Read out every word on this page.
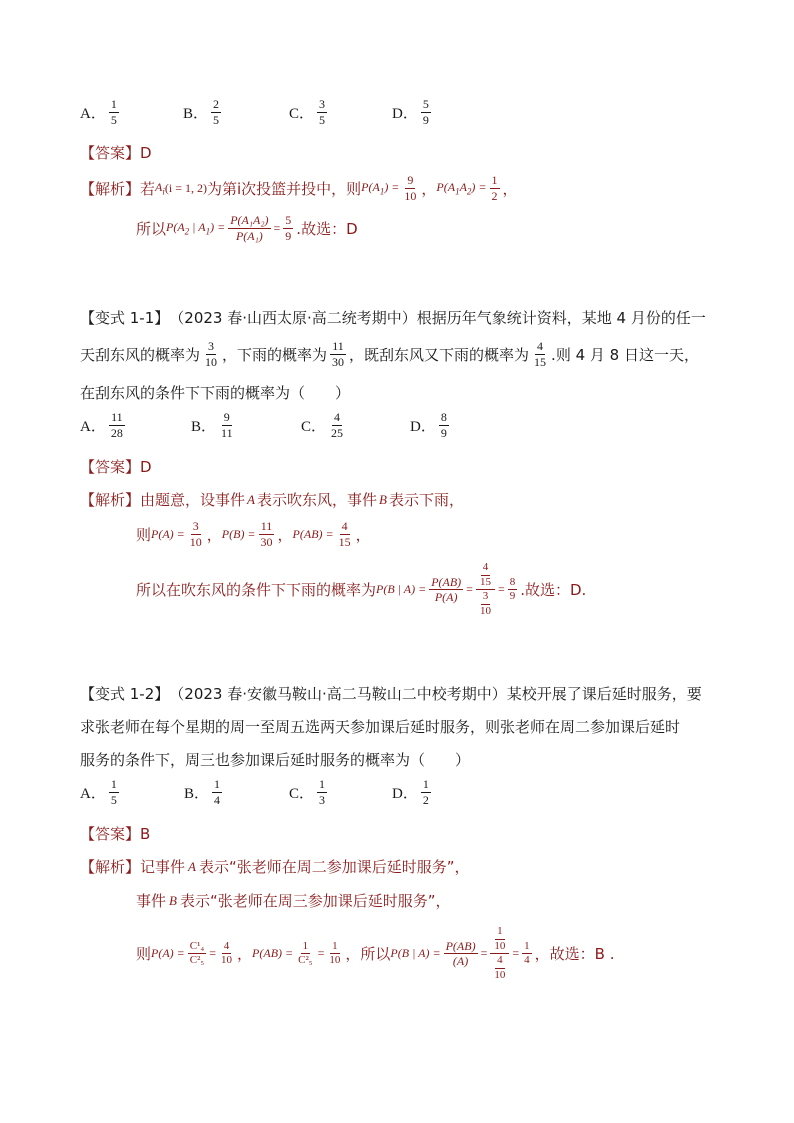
A． $\frac{1}{5}$	B． $\frac{2}{5}$	C． $\frac{3}{5}$	D． $\frac{5}{9}$
【答案】 D
【解析】 若 $A_i$ (i = 1, 2) 为第i次投篮并投中，则 $P(A_1) = \frac{9}{10}$ ， $P(A_1A_2) = \frac{1}{2}$ ，
所以 $P(A_2$ | $A_1) = \frac{\text{P(A₁A₂)}}{\text{P(A₁)}} = \frac{5}{9}$ .故选：D
【变式 1-1】 （2023 春·山西太原·高二统考期中）根据历年气象统计资料，某地 4 月份的任一
天刮东风的概率为 $\frac{3}{10}$ ，下雨的概率为 $\frac{11}{30}$ ，既刮东风又下雨的概率为 $\frac{4}{15}$ .则 4 月 8 日这一天，
在刮东风的条件下下雨的概率为（　　）
A． $\frac{11}{28}$	B． $\frac{9}{11}$	C． $\frac{4}{25}$	D． $\frac{8}{9}$
【答案】 D
【解析】 由题意，设事件 A 表示吹东风，事件 B 表示下雨，
则 $P(A) = \frac{3}{10}$ ， $P(B) = \frac{11}{30}$ ， $P(AB) = \frac{4}{15}$ ，
所以在吹东风的条件下下雨的概率为 P(B | $A) = \frac{P(AB)}{P(A)} = \frac{\frac{4}{15}}{\frac{3}{10}} = \frac{8}{9}$ .故选：D.
【变式 1-2】 （2023 春·安徽马鞍山·高二马鞍山二中校考期中）某校开展了课后延时服务，要
求张老师在每个星期的周一至周五选两天参加课后延时服务，则张老师在周二参加课后延时
服务的条件下，周三也参加课后延时服务的概率为（　　）
A． $\frac{1}{5}$	B． $\frac{1}{4}$	C． $\frac{1}{3}$	D． $\frac{1}{2}$
【答案】 B
【解析】 记事件 A 表示“张老师在周二参加课后延时服务”，
事件 B 表示“张老师在周三参加课后延时服务”，
则 $P(A) = \frac{\text{C¹₄}}{\text{C²₅}} = \frac{4}{10}$ ， $P(AB) = \frac{1}{\text{C²₅}} = \frac{1}{10}$ ，所以 P(B | $A) = \frac{P(AB)}{(A)} = \frac{\frac{1}{10}}{\frac{4}{10}} = \frac{1}{4}$ ，故选：B .
